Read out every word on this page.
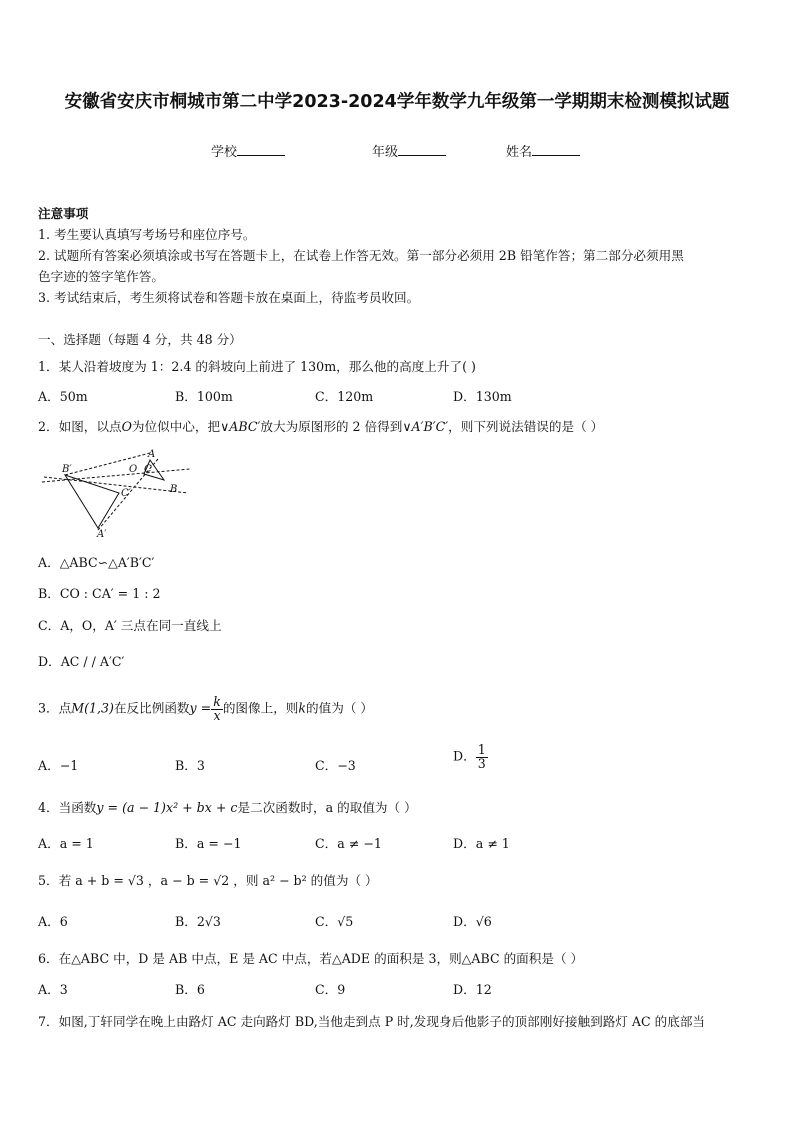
安徽省安庆市桐城市第二中学2023-2024学年数学九年级第一学期期末检测模拟试题
学校	年级	姓名
注意事项
1. 考生要认真填写考场号和座位序号。
2. 试题所有答案必须填涂或书写在答题卡上，在试卷上作答无效。第一部分必须用 2B 铅笔作答；第二部分必须用黑
色字迹的签字笔作答。
3. 考试结束后，考生须将试卷和答题卡放在桌面上，待监考员收回。
一、选择题（每题 4 分，共 48 分）
1．某人沿着坡度为 1：2.4 的斜坡向上前进了 130m，那么他的高度上升了( )
A．50m	B．100m	C．120m	D．130m
2．如图，以点O为位似中心，把∨ABC′放大为原图形的 2 倍得到∨A′B′C′，则下列说法错误的是（ ）
B′
C′
A′
O
A
C
B
A．△ABC∽△A′B′C′
B．CO : CA′ = 1 : 2
C．A，O，A′ 三点在同一直线上
D．AC / / A′C′
3．点M(1,3)在反比例函数$y = \frac{k}{x}$ 的图像上，则k的值为（ ）
A．−1	B．3	C．−3
D． $\frac{1}{3}$
4．当函数y = (a − 1)x² + bx + c是二次函数时，a 的取值为（ ）
A．a = 1	B．a = −1	C．a ≠ −1	D．a ≠ 1
5．若 a + b = √3 ，a − b = √2 ，则 a² − b² 的值为（ ）
A．6	B．2√3	C．√5	D．√6
6．在△ABC 中，D 是 AB 中点，E 是 AC 中点，若△ADE 的面积是 3，则△ABC 的面积是（ ）
A．3	B．6	C．9	D．12
7．如图,丁轩同学在晚上由路灯 AC 走向路灯 BD,当他走到点 P 时,发现身后他影子的顶部刚好接触到路灯 AC 的底部当
